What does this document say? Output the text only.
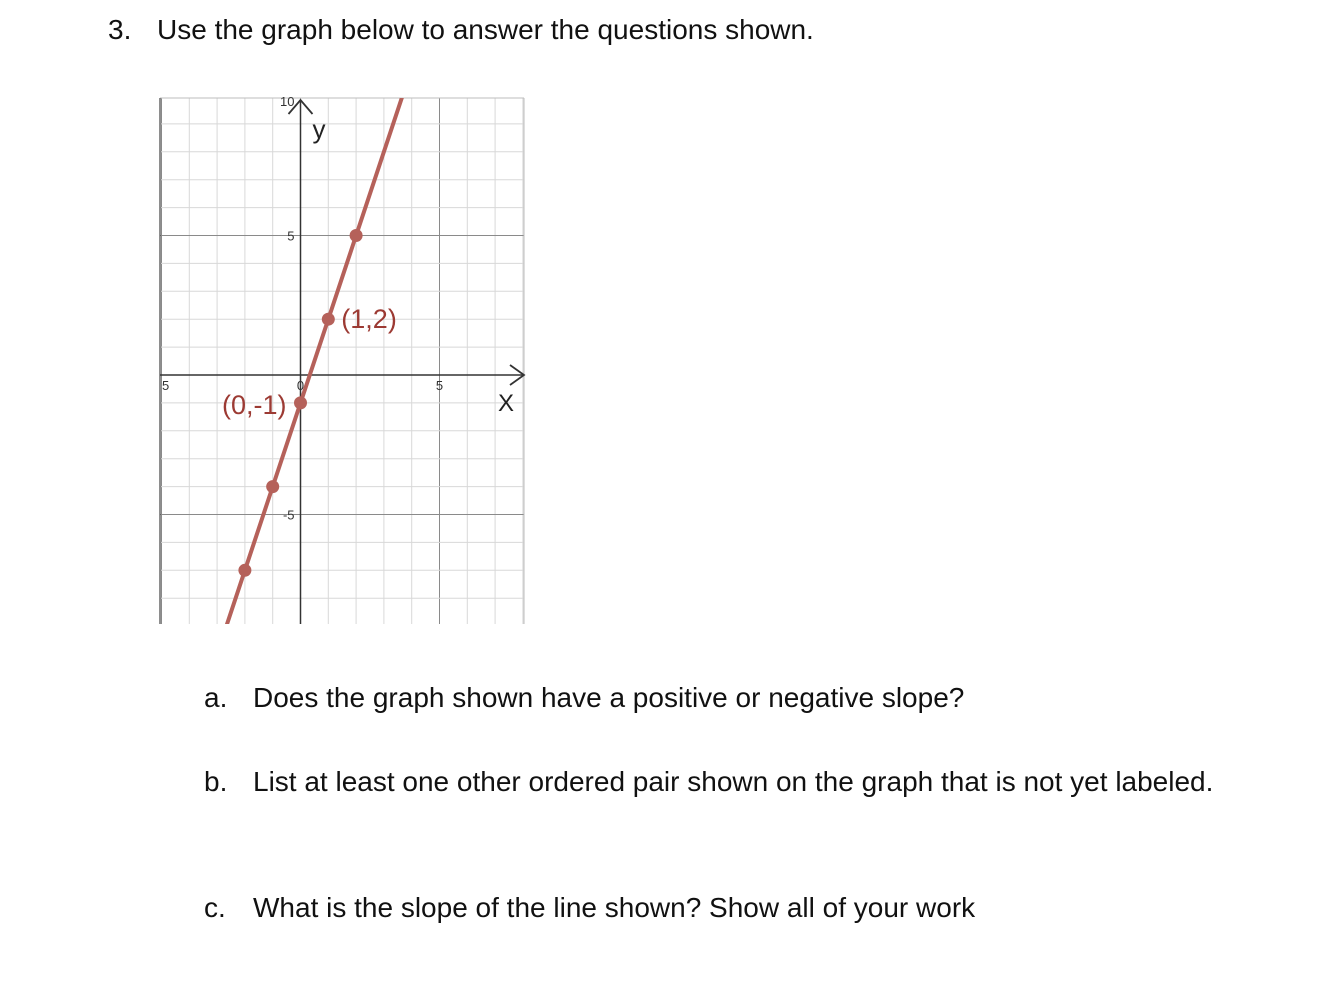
3. Use the graph below to answer the questions shown.
5	0	5
10
5
-5
y
X
(0,-1)
(1,2)
a. Does the graph shown have a positive or negative slope?
b. List at least one other ordered pair shown on the graph that is not yet labeled.
c. What is the slope of the line shown? Show all of your work
